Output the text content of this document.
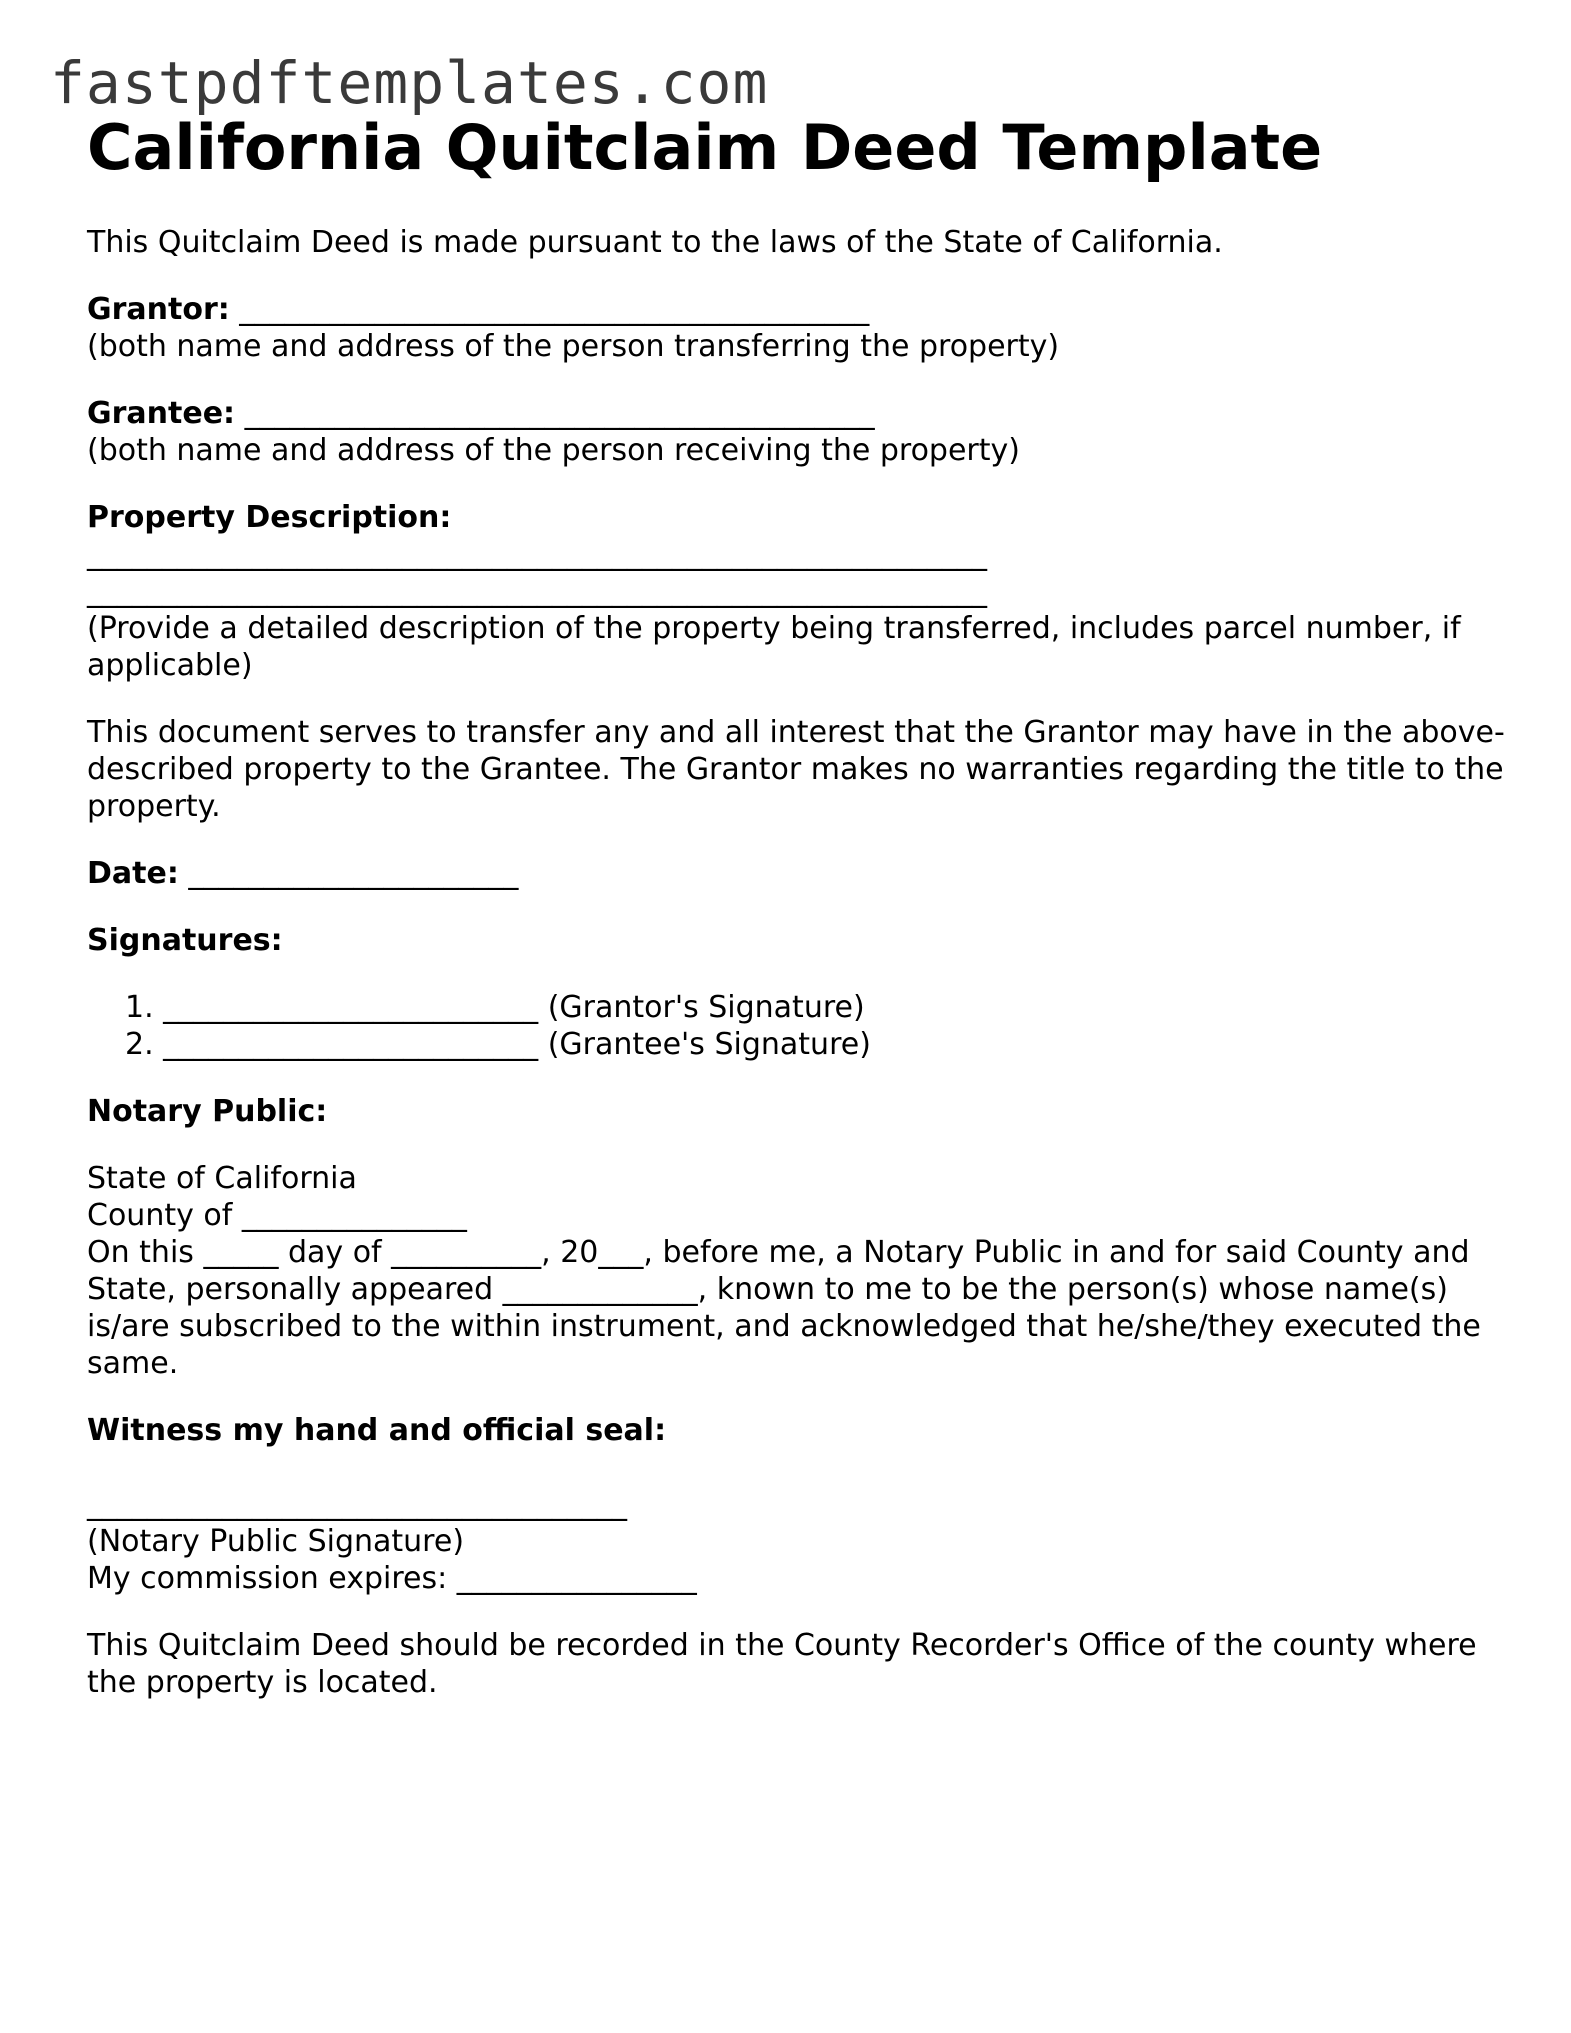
fastpdftemplates.com
California Quitclaim Deed Template

This Quitclaim Deed is made pursuant to the laws of the State of California.

Grantor: __________________________________________
(both name and address of the person transferring the property)

Grantee: __________________________________________
(both name and address of the person receiving the property)

Property Description:
____________________________________________________________
____________________________________________________________
(Provide a detailed description of the property being transferred, includes parcel number, if applicable)

This document serves to transfer any and all interest that the Grantor may have in the above-described property to the Grantee. The Grantor makes no warranties regarding the title to the property.

Date: ______________________

Signatures:

1. _________________________ (Grantor's Signature)
2. _________________________ (Grantee's Signature)

Notary Public:

State of California
County of _______________
On this _____ day of __________, 20___, before me, a Notary Public in and for said County and State, personally appeared _____________, known to me to be the person(s) whose name(s) is/are subscribed to the within instrument, and acknowledged that he/she/they executed the same.

Witness my hand and official seal:
____________________________________
(Notary Public Signature)
My commission expires: ________________

This Quitclaim Deed should be recorded in the County Recorder's Office of the county where the property is located.
